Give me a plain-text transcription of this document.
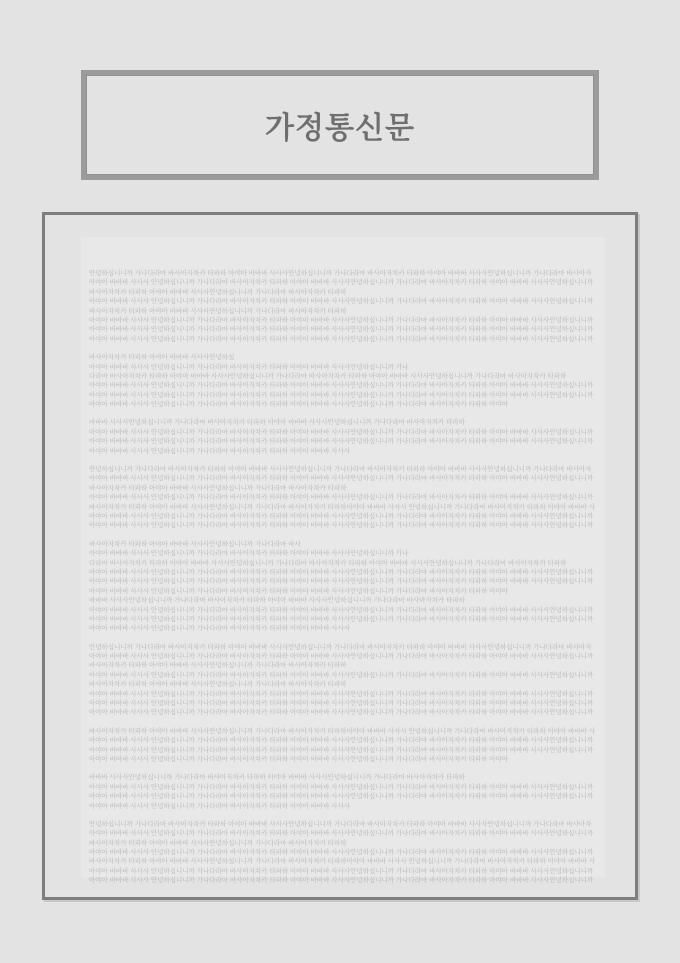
가정통신문
안녕하십니니까 가나다라마 바사아자차카 타파하 아야아 바바바 사사사안녕하십니니까 가나다라마 바사아자차카 타파하 아야아 바바바 사사사안녕하십니니까 가나다라마 바사아자
아야아 바바바 사사사 안녕하십니니까 가나다라마 바사아자차카 타파하 아야아 바바바 사사사안녕하십니니까 가나다라마 바사아자차카 타파하 아야아 바바바 사사사안녕하십니니까
바사아자차카 타파하 아야아 바바바 사사사안녕하십니니까 가나다라마 바사아자차카 타파하
아야아 바바바 사사사 안녕하십니니까 가나다라마 바사아자차카 타파하 아야아 바바바 사사사안녕하십니니까 가나다라마 바사아자차카 타파하 아야아 바바바 사사사안녕하십니니까
바사아자차카 타파하 아야아 바바바 사사사안녕하십니니까 가나다라마 바사아자차카 타파하
아야아 바바바 사사사 안녕하십니니까 가나다라마 바사아자차카 타파하 아야아 바바바 사사사안녕하십니니까 가나다라마 바사아자차카 타파하 아야아 바바바 사사사안녕하십니니까
아야아 바바바 사사사 안녕하십니니까 가나다라마 바사아자차카 타파하 아야아 바바바 사사사안녕하십니니까 가나다라마 바사아자차카 타파하 아야아 바바바 사사사안녕하십니니까
아야아 바바바 사사사 안녕하십니니까 가나다라마 바사아자차카 타파하 아야아 바바바 사사사안녕하십니니까 가나다라마 바사아자차카 타파하 아야아 바바바 사사사안녕하십니니까
바사아자차카 타파하 아야아 바바바 사사사안녕하십
아야아 바바바 사사사 안녕하십니니까 가나다라마 바사아자차카 타파하 아야아 바바바 사사사안녕하십니니까 가나
다라마 바사아자차카 타파하 아야아 바바바 사사사안녕하십니니까 가나다라마 바사아자차카 타파하 아야아 바바바 사사사안녕하십니니까 가나다라마 바사아자차카 타파하
아야아 바바바 사사사 안녕하십니니까 가나다라마 바사아자차카 타파하 아야아 바바바 사사사안녕하십니니까 가나다라마 바사아자차카 타파하 아야아 바바바 사사사안녕하십니니까
아야아 바바바 사사사 안녕하십니니까 가나다라마 바사아자차카 타파하 아야아 바바바 사사사안녕하십니니까 가나다라마 바사아자차카 타파하 아야아 바바바 사사사안녕하십니니까
아야아 바바바 사사사 안녕하십니니까 가나다라마 바사아자차카 타파하 아야아 바바바 사사사안녕하십니니까 가나다라마 바사아자차카 타파하 아야아
바바바 사사사안녕하십니니까 가나다라마 바사아자차카 타파하 아야아 바바바 사사사안녕하십니니까 가나다라마 바사아자차카 타파하
아야아 바바바 사사사 안녕하십니니까 가나다라마 바사아자차카 타파하 아야아 바바바 사사사안녕하십니니까 가나다라마 바사아자차카 타파하 아야아 바바바 사사사안녕하십니니까
아야아 바바바 사사사 안녕하십니니까 가나다라마 바사아자차카 타파하 아야아 바바바 사사사안녕하십니니까 가나다라마 바사아자차카 타파하 아야아 바바바 사사사안녕하십니니까
아야아 바바바 사사사 안녕하십니니까 가나다라마 바사아자차카 타파하 아야아 바바바 사사사
안녕하십니니까 가나다라마 바사아자차카 타파하 아야아 바바바 사사사안녕하십니니까 가나다라마 바사아자차카 타파하 아야아 바바바 사사사안녕하십니니까 가나다라마 바사아자
아야아 바바바 사사사 안녕하십니니까 가나다라마 바사아자차카 타파하 아야아 바바바 사사사안녕하십니니까 가나다라마 바사아자차카 타파하 아야아 바바바 사사사안녕하십니니까
바사아자차카 타파하 아야아 바바바 사사사안녕하십니니까 가나다라마 바사아자차카 타파하
아야아 바바바 사사사 안녕하십니니까 가나다라마 바사아자차카 타파하 아야아 바바바 사사사안녕하십니니까 가나다라마 바사아자차카 타파하 아야아 바바바 사사사안녕하십니니까
바사아자차카 타파하 아야아 바바바 사사사안녕하십니니까 가나다라마 바사아자차카 타파하아야아 바바바 사사사 안녕하십니니까 가나다라마 바사아자차카 타파하 아야아 바바바 사
아야아 바바바 사사사 안녕하십니니까 가나다라마 바사아자차카 타파하 아야아 바바바 사사사안녕하십니니까 가나다라마 바사아자차카 타파하 아야아 바바바 사사사안녕하십니니까
아야아 바바바 사사사 안녕하십니니까 가나다라마 바사아자차카 타파하 아야아 바바바 사사사안녕하십니니까 가나다라마 바사아자차카 타파하 아야아 바바바 사사사안녕하십니니까
바사아자차카 타파하 아야아 바바바 사사사안녕하십니니까 가나다라마 바사
아야아 바바바 사사사 안녕하십니니까 가나다라마 바사아자차카 타파하 아야아 바바바 사사사안녕하십니니까 가나
다라마 바사아자차카 타파하 아야아 바바바 사사사안녕하십니니까 가나다라마 바사아자차카 타파하 아야아 바바바 사사사안녕하십니니까 가나다라마 바사아자차카 타파하
아야아 바바바 사사사 안녕하십니니까 가나다라마 바사아자차카 타파하 아야아 바바바 사사사안녕하십니니까 가나다라마 바사아자차카 타파하 아야아 바바바 사사사안녕하십니니까
아야아 바바바 사사사 안녕하십니니까 가나다라마 바사아자차카 타파하 아야아 바바바 사사사안녕하십니니까 가나다라마 바사아자차카 타파하 아야아 바바바 사사사안녕하십니니까
아야아 바바바 사사사 안녕하십니니까 가나다라마 바사아자차카 타파하 아야아 바바바 사사사안녕하십니니까 가나다라마 바사아자차카 타파하 아야아
바바바 사사사안녕하십니니까 가나다라마 바사아자차카 타파하 아야아 바바바 사사사안녕하십니니까 가나다라마 바사아자차카 타파하
아야아 바바바 사사사 안녕하십니니까 가나다라마 바사아자차카 타파하 아야아 바바바 사사사안녕하십니니까 가나다라마 바사아자차카 타파하 아야아 바바바 사사사안녕하십니니까
아야아 바바바 사사사 안녕하십니니까 가나다라마 바사아자차카 타파하 아야아 바바바 사사사안녕하십니니까 가나다라마 바사아자차카 타파하 아야아 바바바 사사사안녕하십니니까
아야아 바바바 사사사 안녕하십니니까 가나다라마 바사아자차카 타파하 아야아 바바바 사사사
안녕하십니니까 가나다라마 바사아자차카 타파하 아야아 바바바 사사사안녕하십니니까 가나다라마 바사아자차카 타파하 아야아 바바바 사사사안녕하십니니까 가나다라마 바사아자
아야아 바바바 사사사 안녕하십니니까 가나다라마 바사아자차카 타파하 아야아 바바바 사사사안녕하십니니까 가나다라마 바사아자차카 타파하 아야아 바바바 사사사안녕하십니니까
바사아자차카 타파하 아야아 바바바 사사사안녕하십니니까 가나다라마 바사아자차카 타파하
아야아 바바바 사사사 안녕하십니니까 가나다라마 바사아자차카 타파하 아야아 바바바 사사사안녕하십니니까 가나다라마 바사아자차카 타파하 아야아 바바바 사사사안녕하십니니까
바사아자차카 타파하 아야아 바바바 사사사안녕하십니니까 가나다라마 바사아자차카 타파하
아야아 바바바 사사사 안녕하십니니까 가나다라마 바사아자차카 타파하 아야아 바바바 사사사안녕하십니니까 가나다라마 바사아자차카 타파하 아야아 바바바 사사사안녕하십니니까
아야아 바바바 사사사 안녕하십니니까 가나다라마 바사아자차카 타파하 아야아 바바바 사사사안녕하십니니까 가나다라마 바사아자차카 타파하 아야아 바바바 사사사안녕하십니니까
아야아 바바바 사사사 안녕하십니니까 가나다라마 바사아자차카 타파하 아야아 바바바 사사사안녕하십니니까 가나다라마 바사아자차카 타파하 아야아 바바바 사사사안녕하십니니까
바사아자차카 타파하 아야아 바바바 사사사안녕하십니니까 가나다라마 바사아자차카 타파하아야아 바바바 사사사 안녕하십니니까 가나다라마 바사아자차카 타파하 아야아 바바바 사
아야아 바바바 사사사 안녕하십니니까 가나다라마 바사아자차카 타파하 아야아 바바바 사사사안녕하십니니까 가나다라마 바사아자차카 타파하 아야아 바바바 사사사안녕하십니니까
아야아 바바바 사사사 안녕하십니니까 가나다라마 바사아자차카 타파하 아야아 바바바 사사사안녕하십니니까 가나다라마 바사아자차카 타파하 아야아 바바바 사사사안녕하십니니까
아야아 바바바 사사사 안녕하십니니까 가나다라마 바사아자차카 타파하 아야아 바바바 사사사안녕하십니니까 가나다라마 바사아자차카 타파하 아야아
바바바 사사사안녕하십니니까 가나다라마 바사아자차카 타파하 아야아 바바바 사사사안녕하십니니까 가나다라마 바사아자차카 타파하
아야아 바바바 사사사 안녕하십니니까 가나다라마 바사아자차카 타파하 아야아 바바바 사사사안녕하십니니까 가나다라마 바사아자차카 타파하 아야아 바바바 사사사안녕하십니니까
아야아 바바바 사사사 안녕하십니니까 가나다라마 바사아자차카 타파하 아야아 바바바 사사사안녕하십니니까 가나다라마 바사아자차카 타파하 아야아 바바바 사사사안녕하십니니까
아야아 바바바 사사사 안녕하십니니까 가나다라마 바사아자차카 타파하 아야아 바바바 사사사
안녕하십니니까 가나다라마 바사아자차카 타파하 아야아 바바바 사사사안녕하십니니까 가나다라마 바사아자차카 타파하 아야아 바바바 사사사안녕하십니니까 가나다라마 바사아자
아야아 바바바 사사사 안녕하십니니까 가나다라마 바사아자차카 타파하 아야아 바바바 사사사안녕하십니니까 가나다라마 바사아자차카 타파하 아야아 바바바 사사사안녕하십니니까
바사아자차카 타파하 아야아 바바바 사사사안녕하십니니까 가나다라마 바사아자차카 타파하
아야아 바바바 사사사 안녕하십니니까 가나다라마 바사아자차카 타파하 아야아 바바바 사사사안녕하십니니까 가나다라마 바사아자차카 타파하 아야아 바바바 사사사안녕하십니니까
바사아자차카 타파하 아야아 바바바 사사사안녕하십니니까 가나다라마 바사아자차카 타파하아야아 바바바 사사사 안녕하십니니까 가나다라마 바사아자차카 타파하 아야아 바바바 사
아야아 바바바 사사사 안녕하십니니까 가나다라마 바사아자차카 타파하 아야아 바바바 사사사안녕하십니니까 가나다라마 바사아자차카 타파하 아야아 바바바 사사사안녕하십니니까
아야아 바바바 사사사 안녕하십니니까 가나다라마 바사아자차카 타파하 아야아 바바바 사사사안녕하십니니까 가나다라마 바사아자차카 타파하 아야아 바바바 사사사안녕하십니니까
